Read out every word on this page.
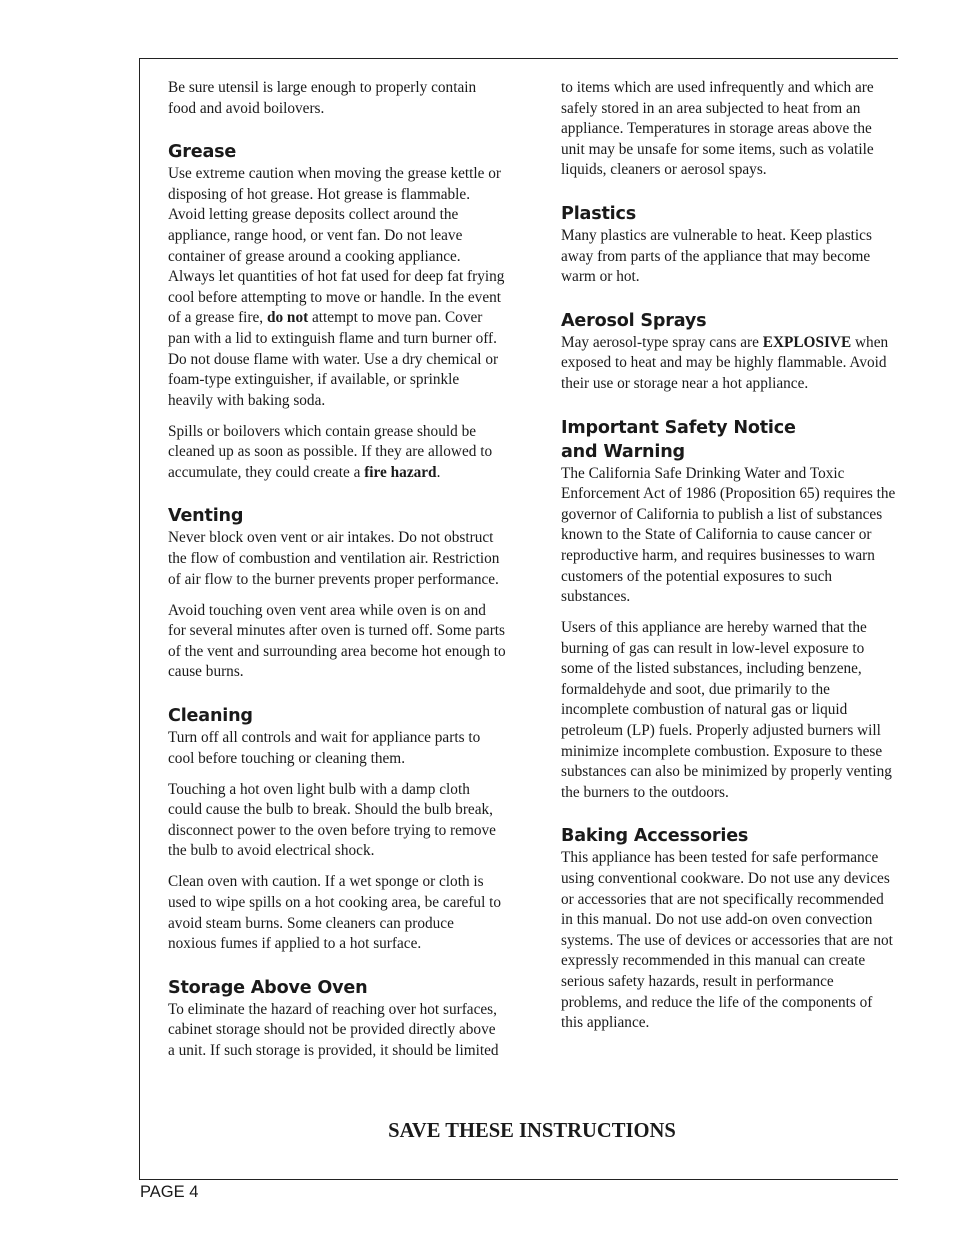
Be sure utensil is large enough to properly contain food and avoid boilovers.

Grease

Use extreme caution when moving the grease kettle or disposing of hot grease. Hot grease is flammable. Avoid letting grease deposits collect around the appliance, range hood, or vent fan. Do not leave container of grease around a cooking appliance. Always let quantities of hot fat used for deep fat frying cool before attempting to move or handle. In the event of a grease fire, do not attempt to move pan. Cover pan with a lid to extinguish flame and turn burner off. Do not douse flame with water. Use a dry chemical or foam-type extinguisher, if available, or sprinkle heavily with baking soda.

Spills or boilovers which contain grease should be cleaned up as soon as possible. If they are allowed to accumulate, they could create a fire hazard.

Venting

Never block oven vent or air intakes. Do not obstruct the flow of combustion and ventilation air. Restriction of air flow to the burner prevents proper performance.

Avoid touching oven vent area while oven is on and for several minutes after oven is turned off. Some parts of the vent and surrounding area become hot enough to cause burns.

Cleaning

Turn off all controls and wait for appliance parts to cool before touching or cleaning them.

Touching a hot oven light bulb with a damp cloth could cause the bulb to break. Should the bulb break, disconnect power to the oven before trying to remove the bulb to avoid electrical shock.

Clean oven with caution. If a wet sponge or cloth is used to wipe spills on a hot cooking area, be careful to avoid steam burns. Some cleaners can produce noxious fumes if applied to a hot surface.

Storage Above Oven

To eliminate the hazard of reaching over hot surfaces, cabinet storage should not be provided directly above a unit. If such storage is provided, it should be limited

to items which are used infrequently and which are safely stored in an area subjected to heat from an appliance. Temperatures in storage areas above the unit may be unsafe for some items, such as volatile liquids, cleaners or aerosol spays.

Plastics

Many plastics are vulnerable to heat. Keep plastics away from parts of the appliance that may become warm or hot.

Aerosol Sprays

May aerosol-type spray cans are EXPLOSIVE when exposed to heat and may be highly flammable. Avoid their use or storage near a hot appliance.

Important Safety Notice
and Warning

The California Safe Drinking Water and Toxic Enforcement Act of 1986 (Proposition 65) requires the governor of California to publish a list of substances known to the State of California to cause cancer or reproductive harm, and requires businesses to warn customers of the potential exposures to such substances.

Users of this appliance are hereby warned that the burning of gas can result in low-level exposure to some of the listed substances, including benzene, formaldehyde and soot, due primarily to the incomplete combustion of natural gas or liquid petroleum (LP) fuels. Properly adjusted burners will minimize incomplete combustion. Exposure to these substances can also be minimized by properly venting the burners to the outdoors.

Baking Accessories

This appliance has been tested for safe performance using conventional cookware. Do not use any devices or accessories that are not specifically recommended in this manual. Do not use add-on oven convection systems. The use of devices or accessories that are not expressly recommended in this manual can create serious safety hazards, result in performance problems, and reduce the life of the components of this appliance.

SAVE THESE INSTRUCTIONS
PAGE 4
